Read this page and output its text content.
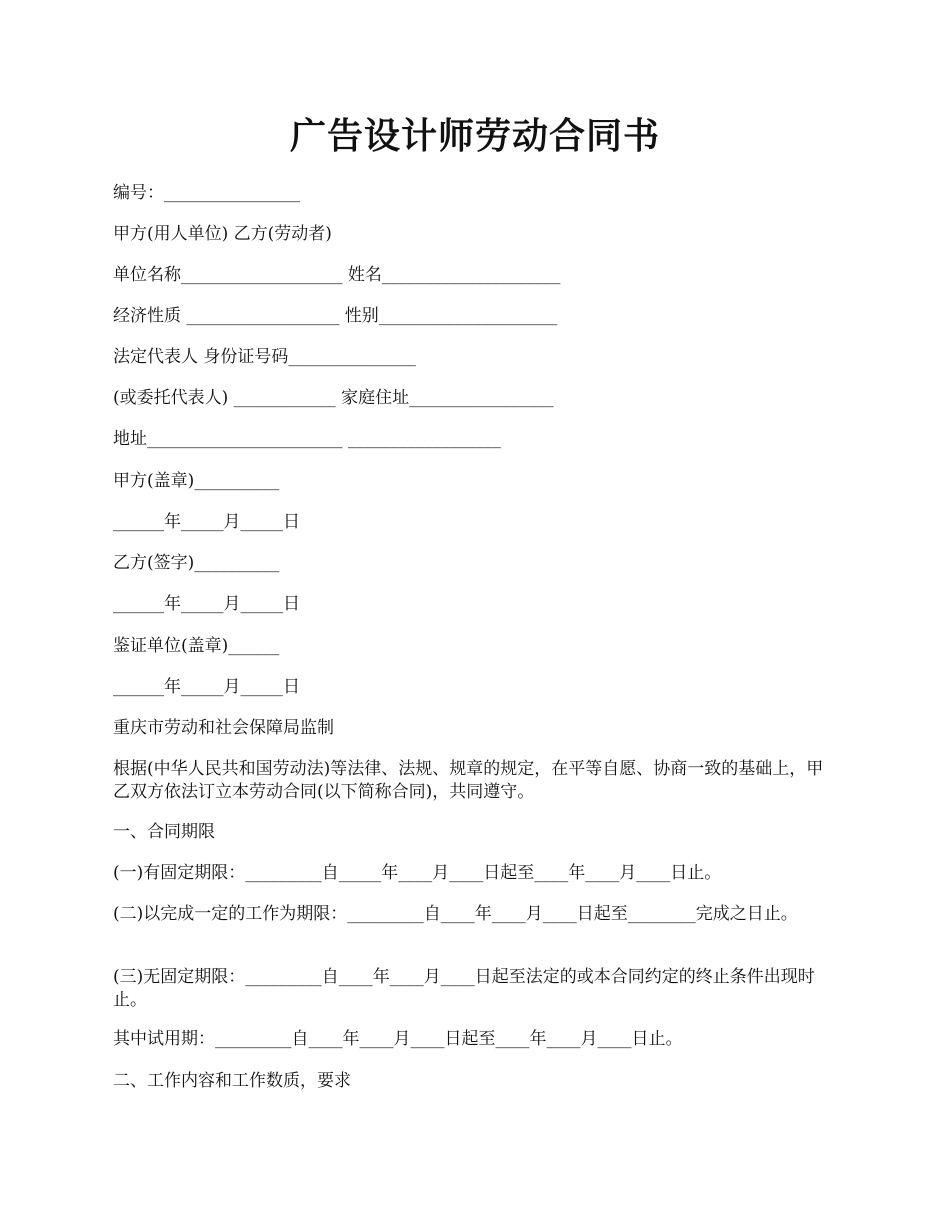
广告设计师劳动合同书
编号：________________
甲方(用人单位) 乙方(劳动者)
单位名称___________________ 姓名_____________________
经济性质 __________________ 性别_____________________
法定代表人 身份证号码_______________
(或委托代表人) ____________ 家庭住址_________________
地址_______________________ __________________
甲方(盖章)__________
______年_____月_____日
乙方(签字)__________
______年_____月_____日
鉴证单位(盖章)______
______年_____月_____日
重庆市劳动和社会保障局监制
根据(中华人民共和国劳动法)等法律、法规、规章的规定，在平等自愿、协商一致的基础上，甲乙双方依法订立本劳动合同(以下简称合同)，共同遵守。
一、合同期限
(一)有固定期限：_________自_____年____月____日起至____年____月____日止。
(二)以完成一定的工作为期限：_________自____年____月____日起至________完成之日止。
(三)无固定期限：_________自____年____月____日起至法定的或本合同约定的终止条件出现时止。
其中试用期：_________自____年____月____日起至____年____月____日止。
二、工作内容和工作数质，要求
